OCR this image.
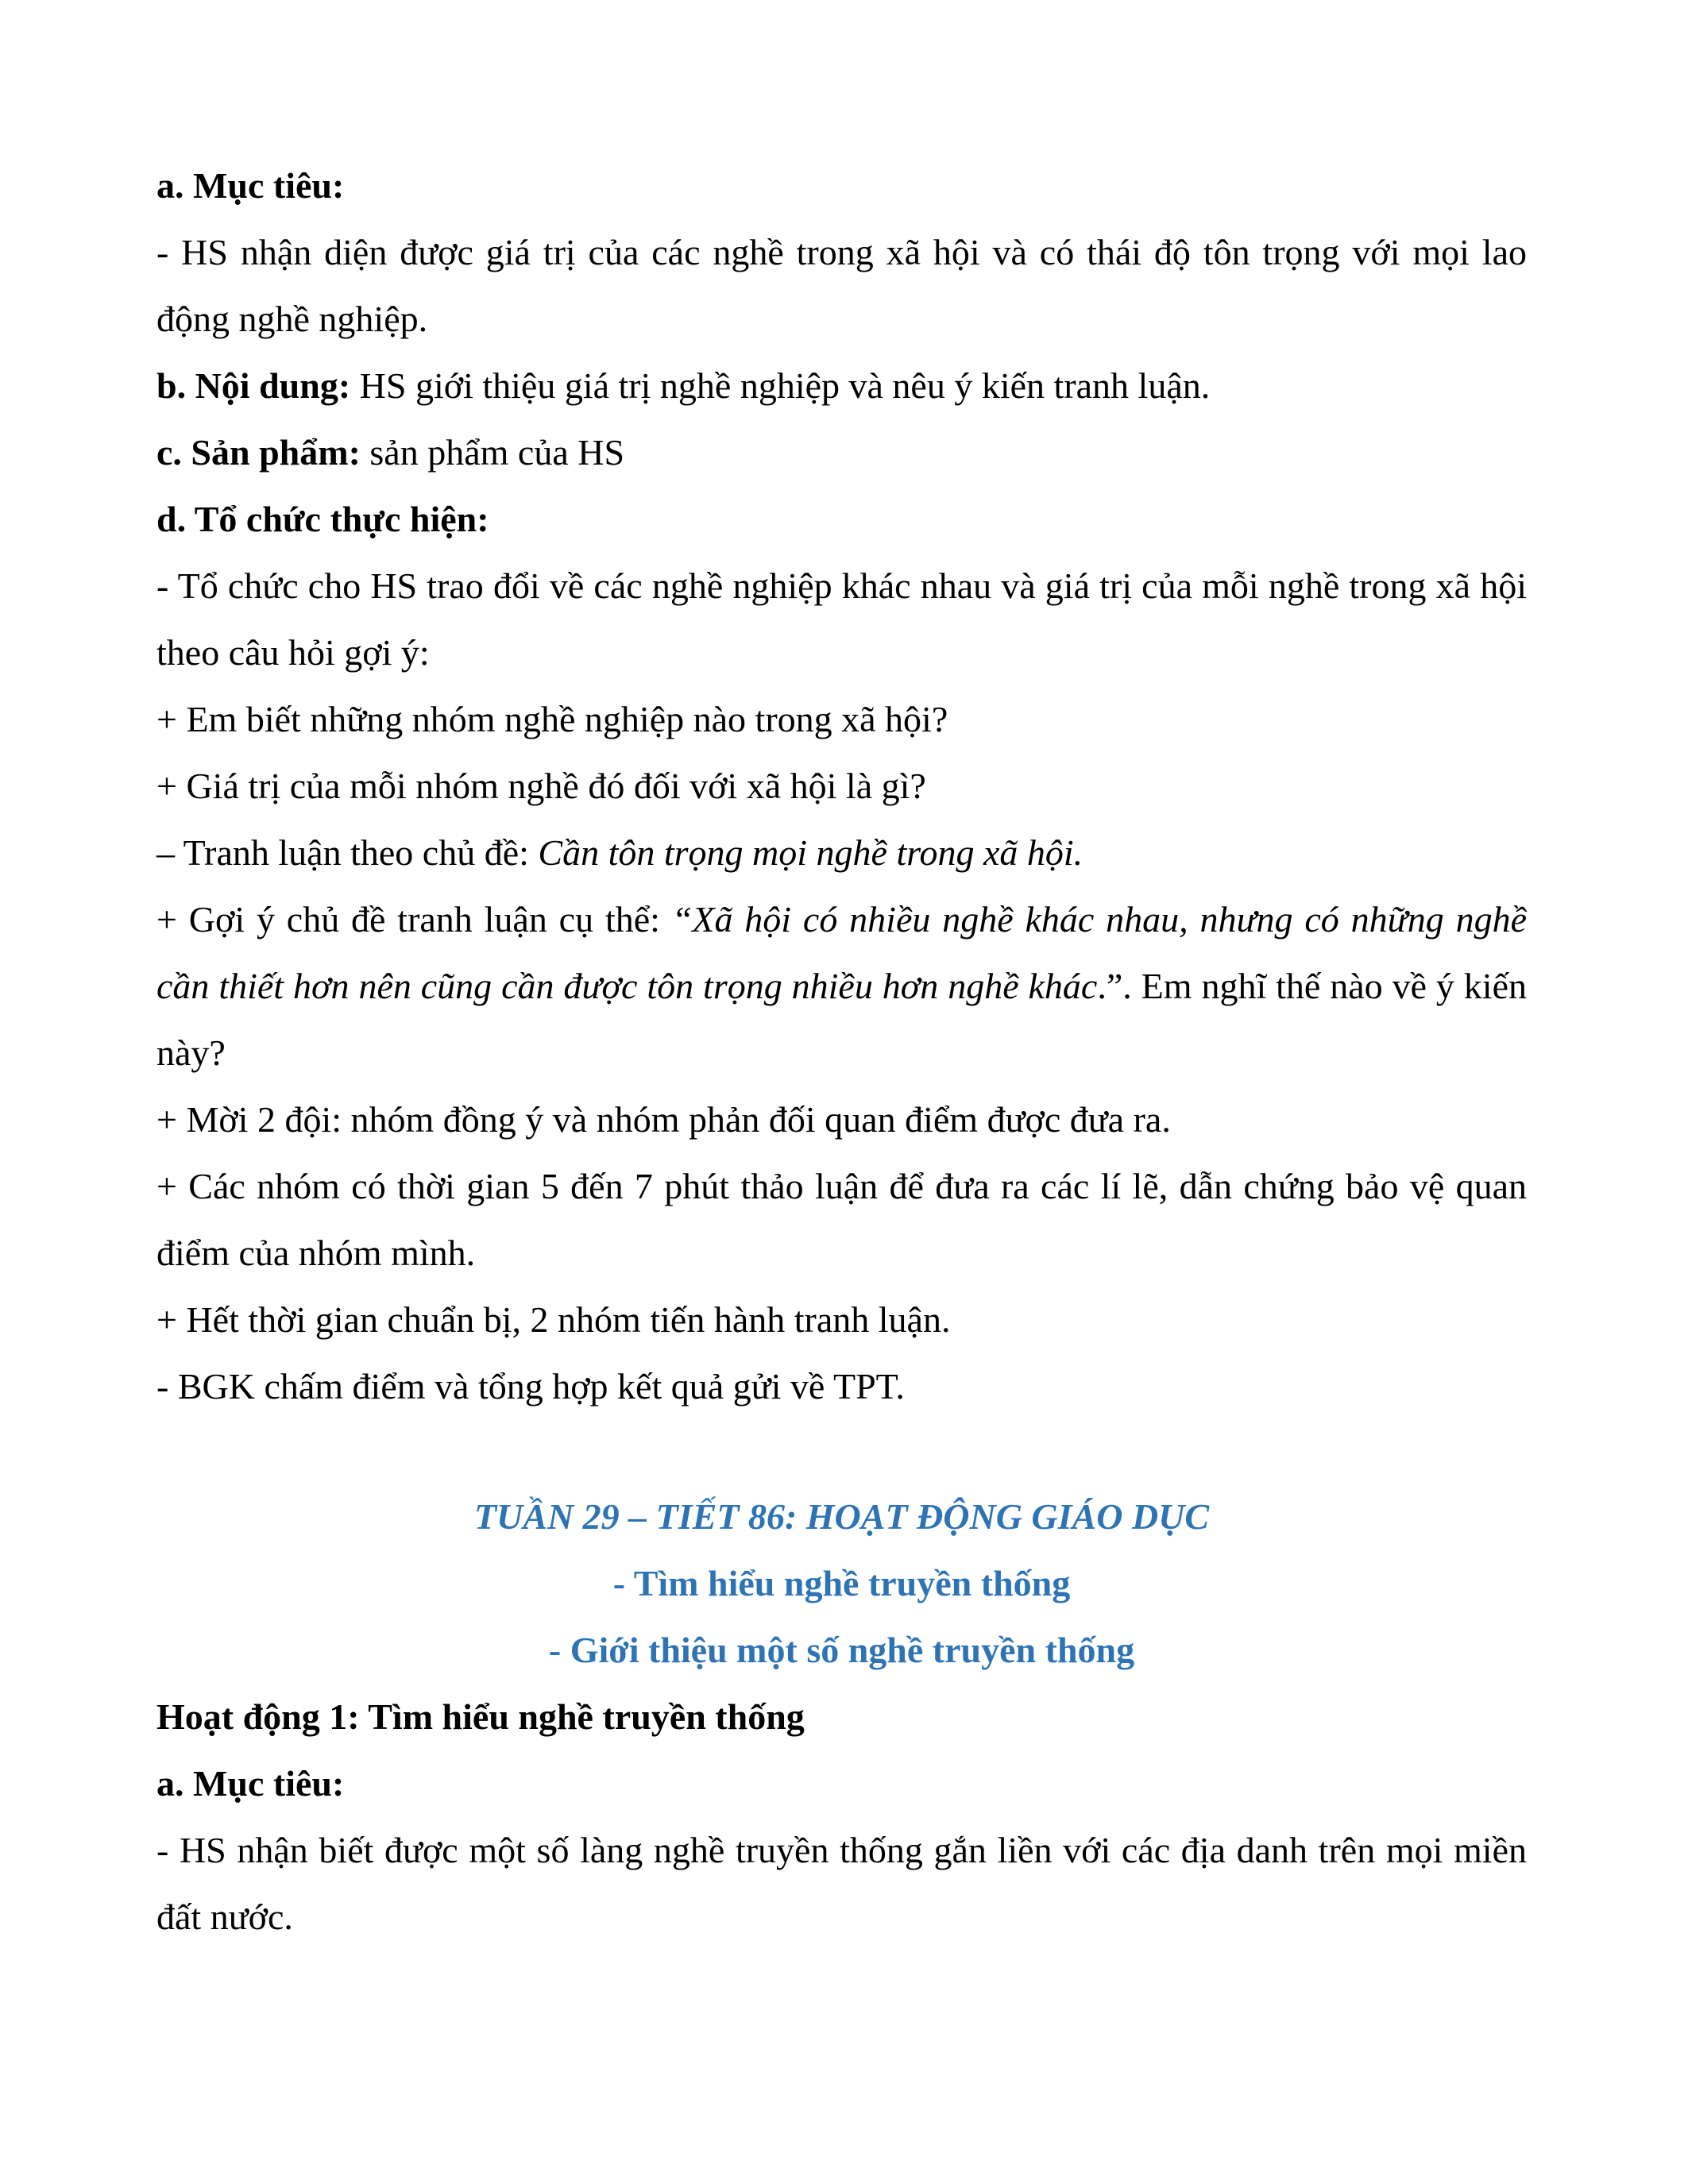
a. Mục tiêu:

- HS nhận diện được giá trị của các nghề trong xã hội và có thái độ tôn trọng với mọi lao động nghề nghiệp.

b. Nội dung: HS giới thiệu giá trị nghề nghiệp và nêu ý kiến tranh luận.

c. Sản phẩm: sản phẩm của HS

d. Tổ chức thực hiện:

- Tổ chức cho HS trao đổi về các nghề nghiệp khác nhau và giá trị của mỗi nghề trong xã hội theo câu hỏi gợi ý:

+ Em biết những nhóm nghề nghiệp nào trong xã hội?

+ Giá trị của mỗi nhóm nghề đó đối với xã hội là gì?

– Tranh luận theo chủ đề: Cần tôn trọng mọi nghề trong xã hội.

+ Gợi ý chủ đề tranh luận cụ thể: “Xã hội có nhiều nghề khác nhau, nhưng có những nghề cần thiết hơn nên cũng cần được tôn trọng nhiều hơn nghề khác.”. Em nghĩ thế nào về ý kiến này?

+ Mời 2 đội: nhóm đồng ý và nhóm phản đối quan điểm được đưa ra.

+ Các nhóm có thời gian 5 đến 7 phút thảo luận để đưa ra các lí lẽ, dẫn chứng bảo vệ quan điểm của nhóm mình.

+ Hết thời gian chuẩn bị, 2 nhóm tiến hành tranh luận.

- BGK chấm điểm và tổng hợp kết quả gửi về TPT.

TUẦN 29 – TIẾT 86: HOẠT ĐỘNG GIÁO DỤC

- Tìm hiểu nghề truyền thống

- Giới thiệu một số nghề truyền thống

Hoạt động 1: Tìm hiểu nghề truyền thống

a. Mục tiêu:

- HS nhận biết được một số làng nghề truyền thống gắn liền với các địa danh trên mọi miền đất nước.
